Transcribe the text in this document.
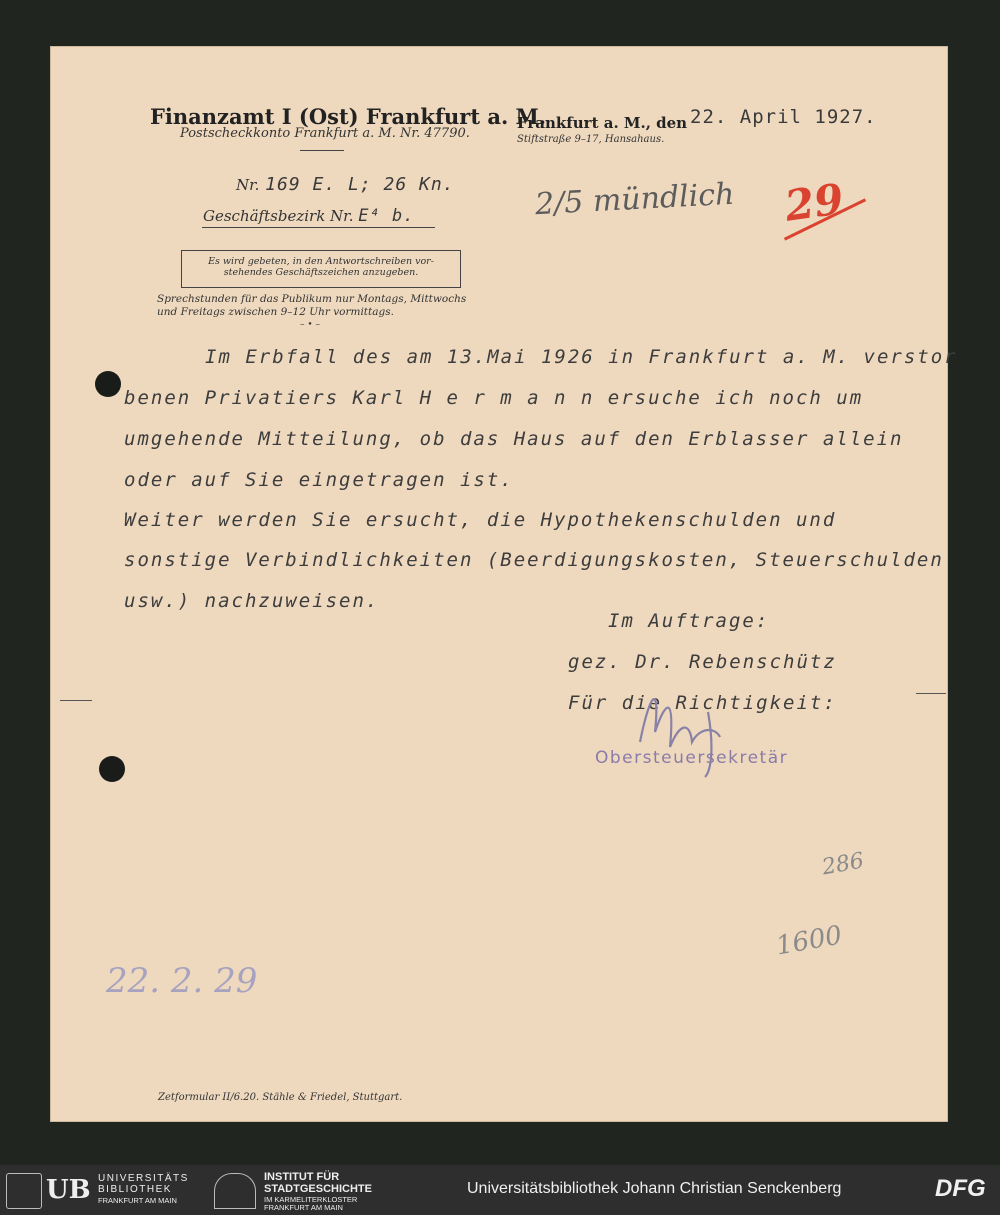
Finanzamt I (Ost) Frankfurt a. M.
Postscheckkonto Frankfurt a. M. Nr. 47790.
Frankfurt a. M., den
Stiftstraße 9–17, Hansahaus.
22. April 1927.
Nr. 169 E. L; 26 Kn.
Geschäftsbezirk Nr. E⁴ b.
Es wird gebeten, in den Antwortschreiben vor-
stehendes Geschäftszeichen anzugeben.
Sprechstunden für das Publikum nur Montags, Mittwochs
und Freitags zwischen 9–12 Uhr vormittags.
– • –
2/5 mündlich 29
Im Erbfall des am 13.Mai 1926 in Frankfurt a. M. verstor
benen Privatiers Karl H e r m a n n ersuche ich noch um
umgehende Mitteilung, ob das Haus auf den Erblasser allein
oder auf Sie eingetragen ist.
Weiter werden Sie ersucht, die Hypothekenschulden und
sonstige Verbindlichkeiten (Beerdigungskosten, Steuerschulden
usw.) nachzuweisen.
Im Auftrage:
gez. Dr. Rebenschütz
Für die Richtigkeit:
Obersteuersekretär
286
1600
22. 2. 29
Zetformular II/6.20. Stähle & Friedel, Stuttgart.
UB UNIVERSITÄTS
BIBLIOTHEK
FRANKFURT AM MAIN
INSTITUT FÜR
STADTGESCHICHTE
IM KARMELITERKLOSTER
FRANKFURT AM MAIN
Universitätsbibliothek Johann Christian Senckenberg	DFG
